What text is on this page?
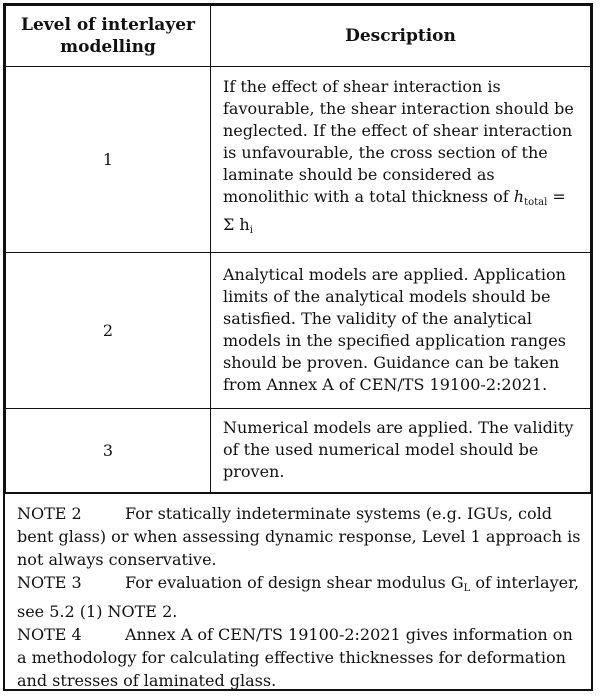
Level of interlayer
modelling	Description
1	If the effect of shear interaction is favourable, the shear interaction should be neglected. If the effect of shear interaction is unfavourable, the cross section of the laminate should be considered as monolithic with a total thickness of $h_{total} = \Sigma$ $h_i$
2	Analytical models are applied. Application limits of the analytical models should be satisfied. The validity of the analytical models in the specified application ranges should be proven. Guidance can be taken from Annex A of CEN/TS 19100-2:2021.
3	Numerical models are applied. The validity of the used numerical model should be proven.
NOTE 2	For statically indeterminate systems (e.g. IGUs, cold bent glass) or when assessing dynamic response, Level 1 approach is not always conservative.
NOTE 3	For evaluation of design shear modulus $G_L$ of interlayer, see 5.2 (1) NOTE 2.
NOTE 4	Annex A of CEN/TS 19100-2:2021 gives information on a methodology for calculating effective thicknesses for deformation and stresses of laminated glass.
